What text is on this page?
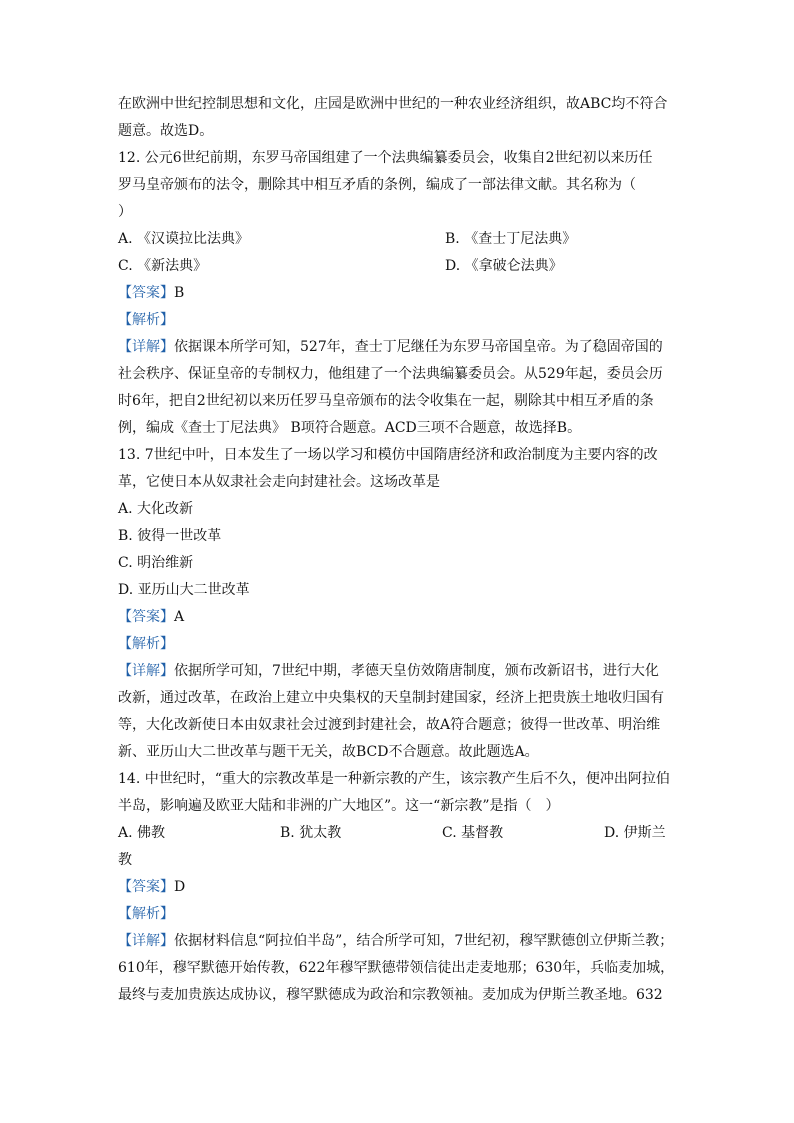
在欧洲中世纪控制思想和文化，庄园是欧洲中世纪的一种农业经济组织，故ABC均不符合
题意。故选D。
12. 公元6世纪前期，东罗马帝国组建了一个法典编纂委员会，收集自2世纪初以来历任
罗马皇帝颁布的法令，删除其中相互矛盾的条例，编成了一部法律文献。其名称为（
）
A. 《汉谟拉比法典》	B. 《查士丁尼法典》
C. 《新法典》	D. 《拿破仑法典》
【答案】B
【解析】
【详解】依据课本所学可知，527年，查士丁尼继任为东罗马帝国皇帝。为了稳固帝国的
社会秩序、保证皇帝的专制权力，他组建了一个法典编纂委员会。从529年起，委员会历
时6年，把自2世纪初以来历任罗马皇帝颁布的法令收集在一起，剔除其中相互矛盾的条
例，编成《查士丁尼法典》 B项符合题意。ACD三项不合题意，故选择B。
13. 7世纪中叶，日本发生了一场以学习和模仿中国隋唐经济和政治制度为主要内容的改
革，它使日本从奴隶社会走向封建社会。这场改革是
A. 大化改新
B. 彼得一世改革
C. 明治维新
D. 亚历山大二世改革
【答案】A
【解析】
【详解】依据所学可知，7世纪中期，孝德天皇仿效隋唐制度，颁布改新诏书，进行大化
改新，通过改革，在政治上建立中央集权的天皇制封建国家，经济上把贵族土地收归国有
等，大化改新使日本由奴隶社会过渡到封建社会，故A符合题意；彼得一世改革、明治维
新、亚历山大二世改革与题干无关，故BCD不合题意。故此题选A。
14. 中世纪时，“重大的宗教改革是一种新宗教的产生，该宗教产生后不久，便冲出阿拉伯
半岛，影响遍及欧亚大陆和非洲的广大地区”。这一“新宗教”是指（　）
A. 佛教	B. 犹太教	C. 基督教	D. 伊斯兰
教
【答案】D
【解析】
【详解】依据材料信息“阿拉伯半岛”，结合所学可知，7世纪初，穆罕默德创立伊斯兰教；
610年，穆罕默德开始传教，622年穆罕默德带领信徒出走麦地那；630年，兵临麦加城，
最终与麦加贵族达成协议，穆罕默德成为政治和宗教领袖。麦加成为伊斯兰教圣地。632
